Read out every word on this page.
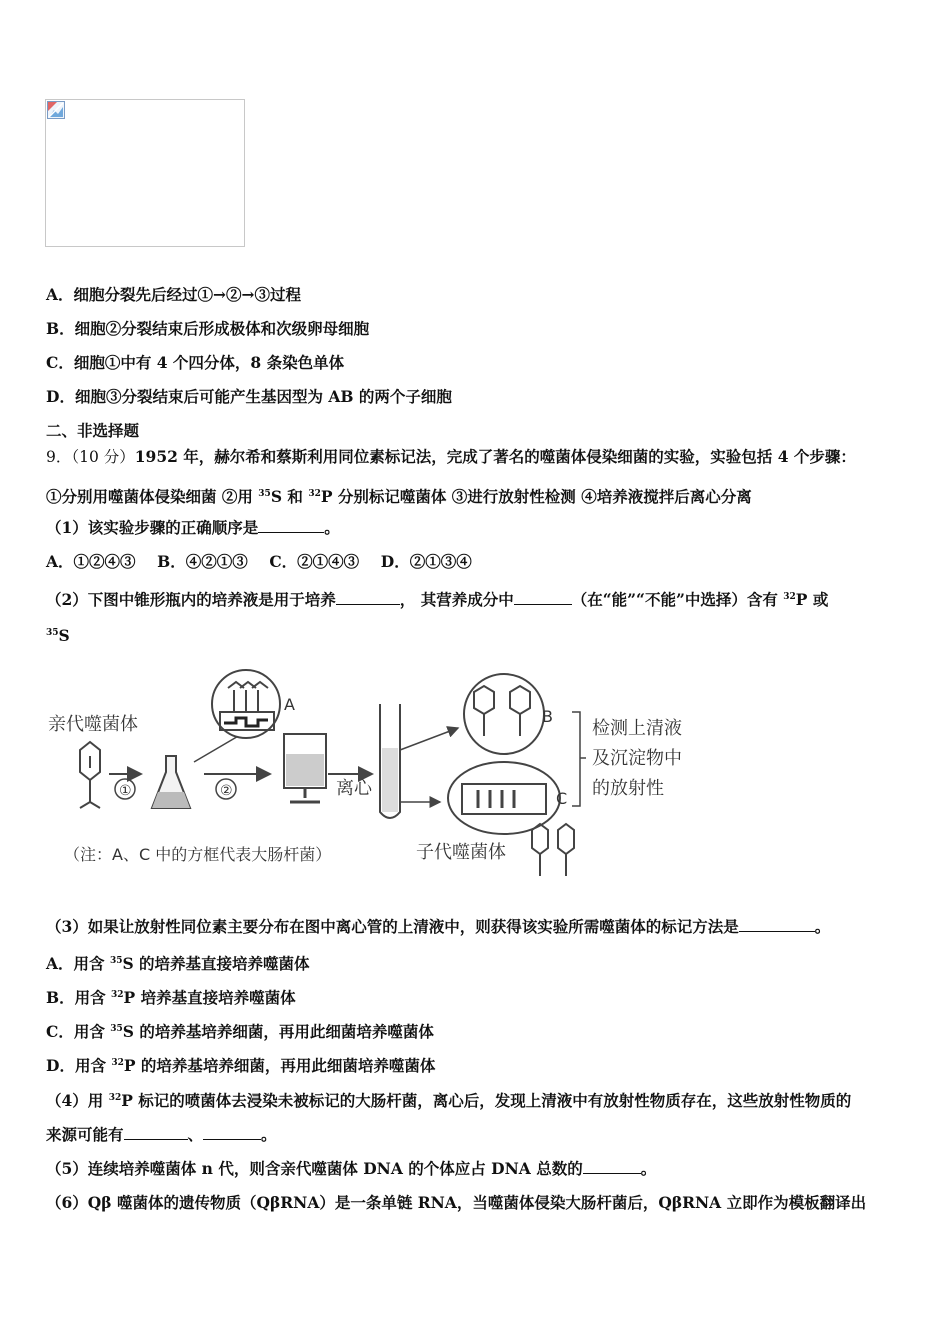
A．细胞分裂先后经过①→②→③过程
B．细胞②分裂结束后形成极体和次级卵母细胞
C．细胞①中有 4 个四分体，8 条染色单体
D．细胞③分裂结束后可能产生基因型为 AB 的两个子细胞
二、非选择题
9．（10 分）1952 年，赫尔希和蔡斯利用同位素标记法，完成了著名的噬菌体侵染细菌的实验，实验包括 4 个步骤：
①分别用噬菌体侵染细菌 ②用 $^{35}$S 和 $^{32}$P 分别标记噬菌体 ③进行放射性检测 ④培养液搅拌后离心分离
（1）该实验步骤的正确顺序是	。
A．①②④③ B．④②①③ C．②①④③ D．②①③④
（2）下图中锥形瓶内的培养液是用于培养	， 其营养成分中	（在“能”“不能”中选择）含有 $^{32}$P 或
$^{35}$S
亲代噬菌体
①	②
A
离心
B
C
检测上清液
及沉淀物中
的放射性
（注：A、C 中的方框代表大肠杆菌）	子代噬菌体
（3）如果让放射性同位素主要分布在图中离心管的上清液中，则获得该实验所需噬菌体的标记方法是	。
A．用含 $^{35}$S 的培养基直接培养噬菌体
B．用含 $^{32}$P 培养基直接培养噬菌体
C．用含 $^{35}$S 的培养基培养细菌，再用此细菌培养噬菌体
D．用含 $^{32}$P 的培养基培养细菌，再用此细菌培养噬菌体
（4）用 $^{32}$P 标记的喷菌体去浸染未被标记的大肠杆菌，离心后，发现上清液中有放射性物质存在，这些放射性物质的
来源可能有	、	。
（5）连续培养噬菌体 n 代，则含亲代噬菌体 DNA 的个体应占 DNA 总数的	。
（6）Qβ 噬菌体的遗传物质（QβRNA）是一条单链 RNA，当噬菌体侵染大肠杆菌后，QβRNA 立即作为模板翻译出
